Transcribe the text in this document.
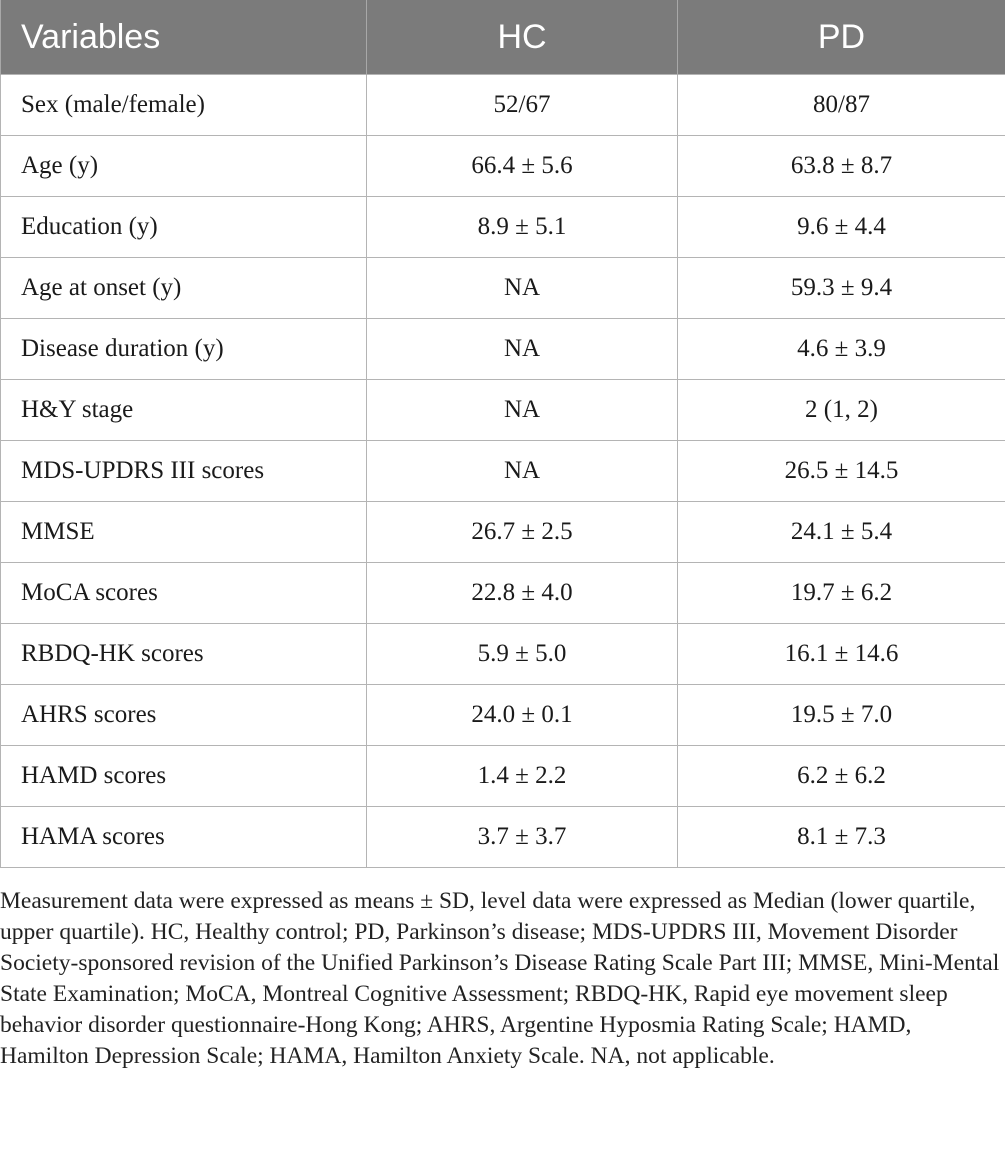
Variables	HC	PD
Sex (male/female)	52/67	80/87
Age (y)	66.4 ± 5.6	63.8 ± 8.7
Education (y)	8.9 ± 5.1	9.6 ± 4.4
Age at onset (y)	NA	59.3 ± 9.4
Disease duration (y)	NA	4.6 ± 3.9
H&Y stage	NA	2 (1, 2)
MDS-UPDRS III scores	NA	26.5 ± 14.5
MMSE	26.7 ± 2.5	24.1 ± 5.4
MoCA scores	22.8 ± 4.0	19.7 ± 6.2
RBDQ-HK scores	5.9 ± 5.0	16.1 ± 14.6
AHRS scores	24.0 ± 0.1	19.5 ± 7.0
HAMD scores	1.4 ± 2.2	6.2 ± 6.2
HAMA scores	3.7 ± 3.7	8.1 ± 7.3

Measurement data were expressed as means ± SD, level data were expressed as Median (lower quartile, upper quartile). HC, Healthy control; PD, Parkinson’s disease; MDS-UPDRS III, Movement Disorder Society-sponsored revision of the Unified Parkinson’s Disease Rating Scale Part III; MMSE, Mini-Mental State Examination; MoCA, Montreal Cognitive Assessment; RBDQ-HK, Rapid eye movement sleep behavior disorder questionnaire-Hong Kong; AHRS, Argentine Hyposmia Rating Scale; HAMD, Hamilton Depression Scale; HAMA, Hamilton Anxiety Scale. NA, not applicable.
